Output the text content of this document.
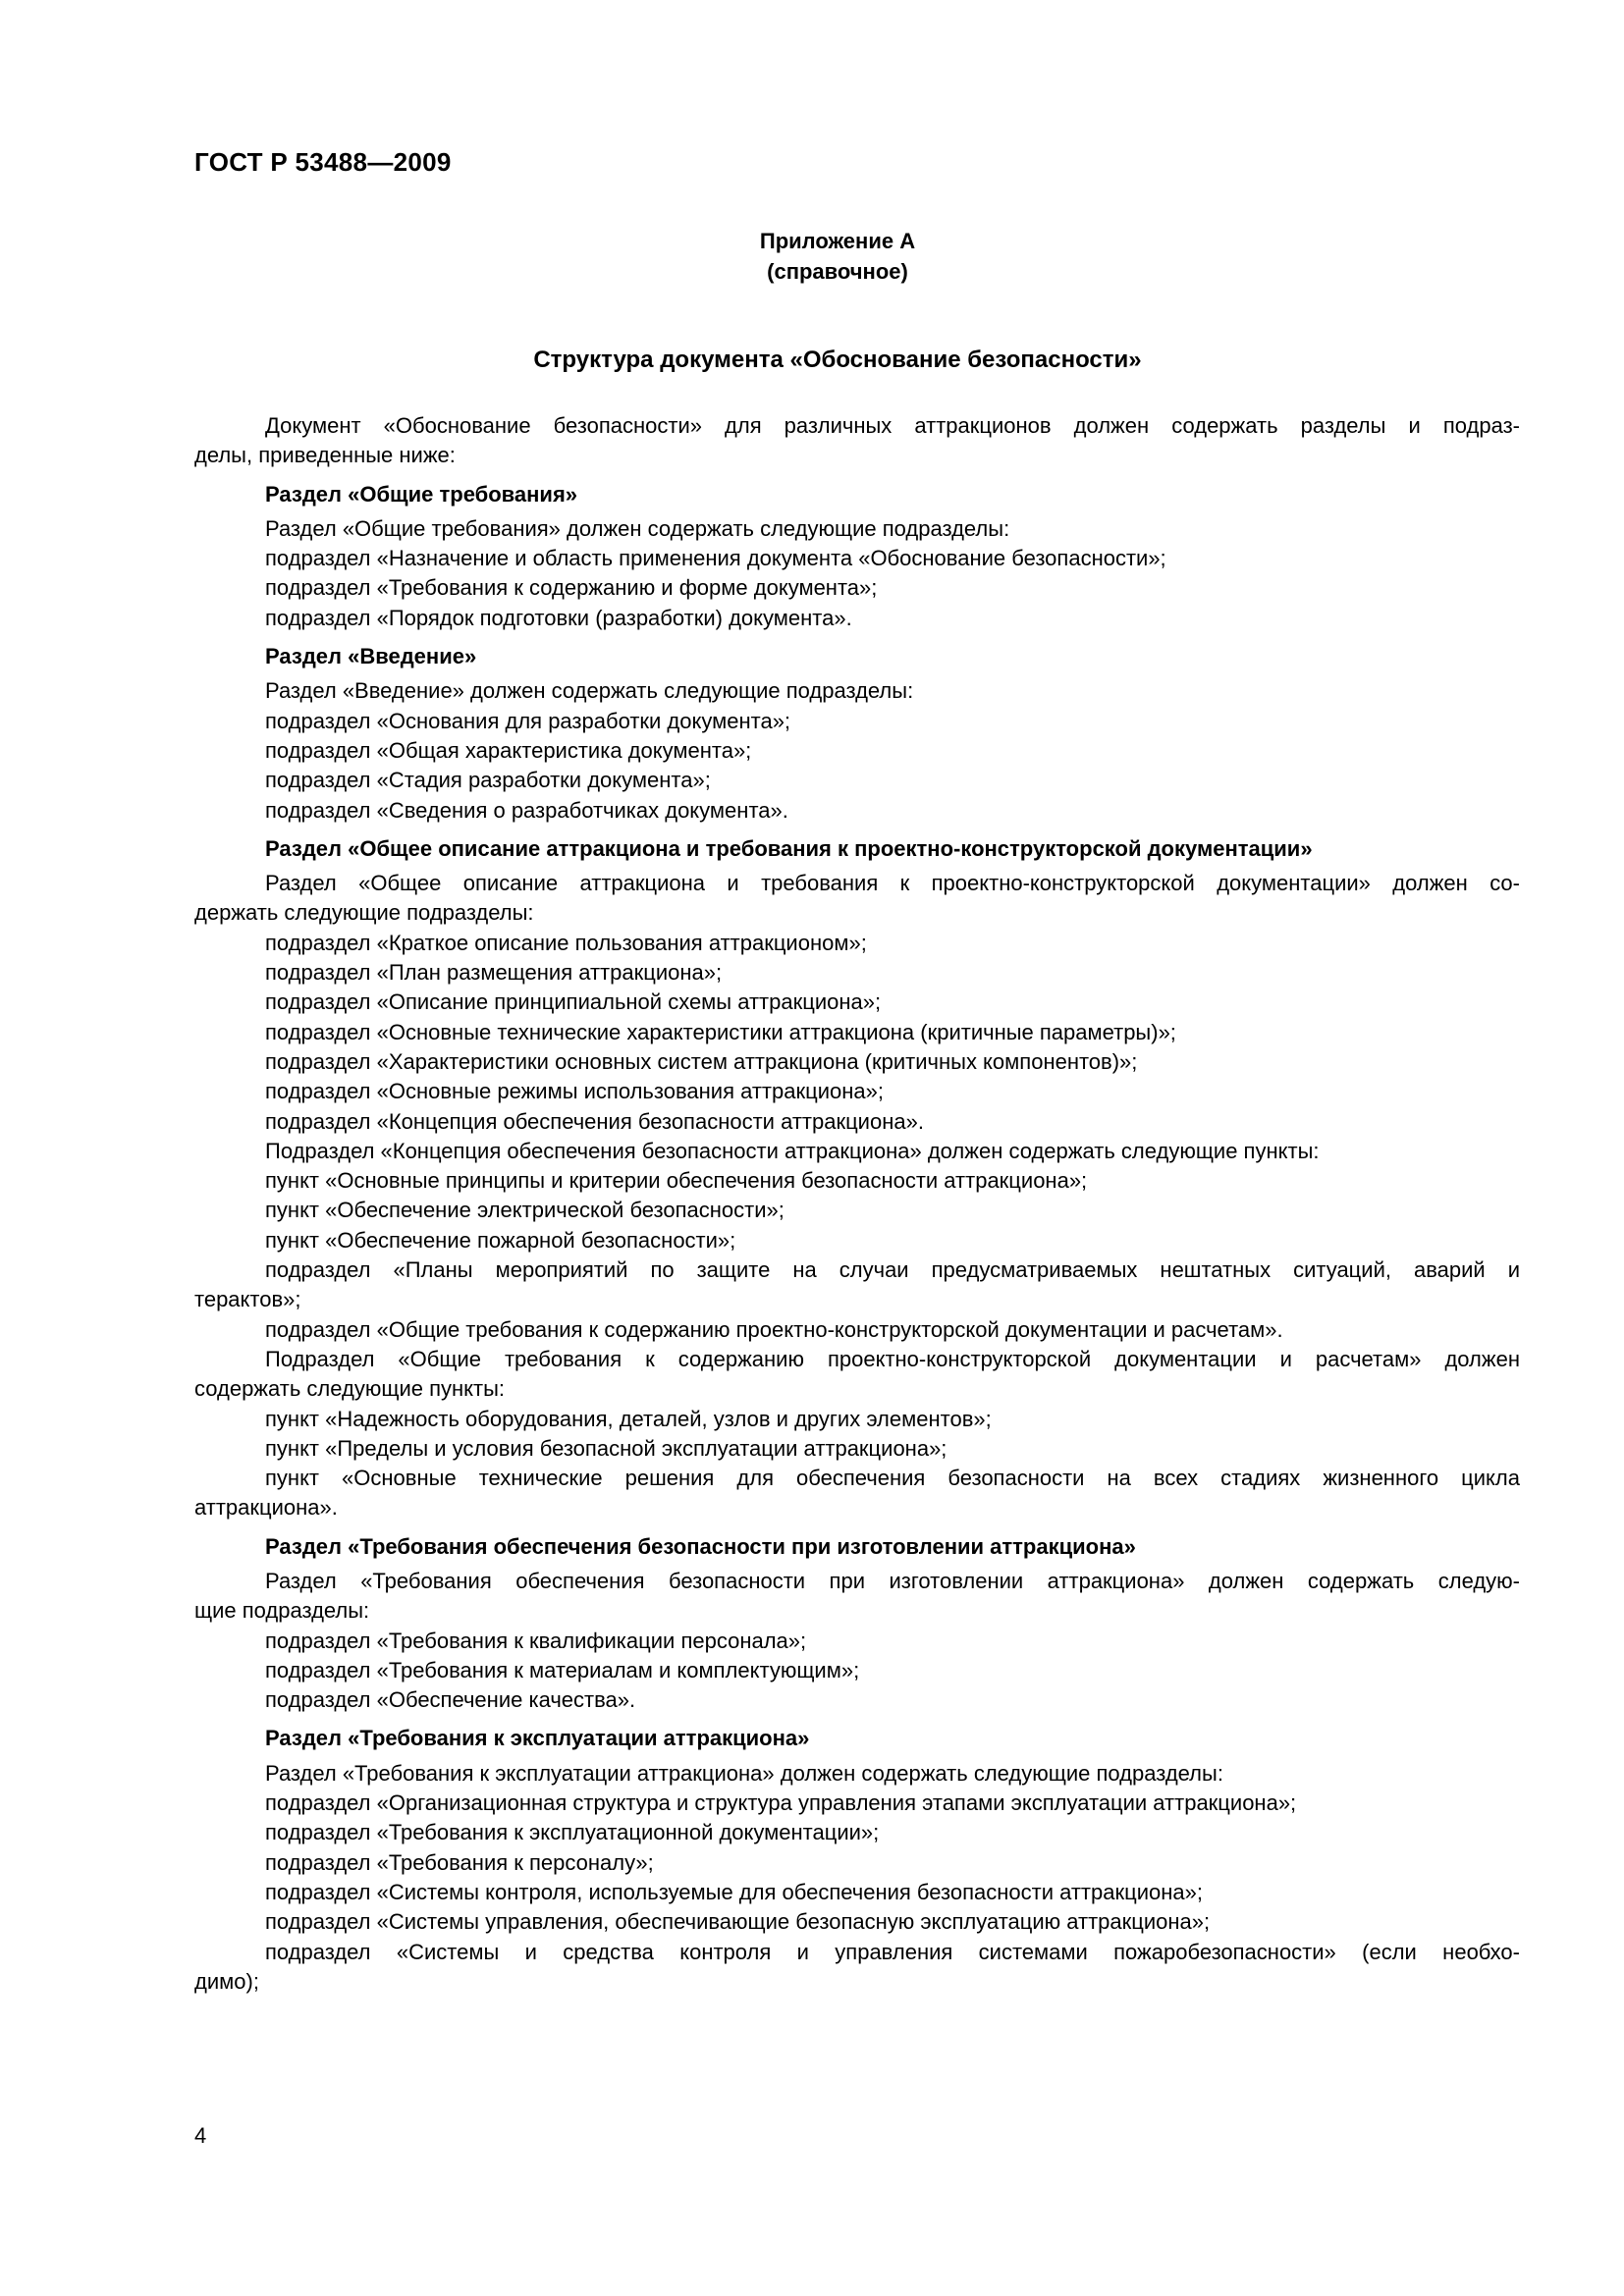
ГОСТ Р 53488—2009
Приложение А
(справочное)
Структура документа «Обоснование безопасности»
Документ «Обоснование безопасности» для различных аттракционов должен содержать разделы и подраз-
делы, приведенные ниже:
Раздел «Общие требования»
Раздел «Общие требования» должен содержать следующие подразделы:
подраздел «Назначение и область применения документа «Обоснование безопасности»;
подраздел «Требования к содержанию и форме документа»;
подраздел «Порядок подготовки (разработки) документа».
Раздел «Введение»
Раздел «Введение» должен содержать следующие подразделы:
подраздел «Основания для разработки документа»;
подраздел «Общая характеристика документа»;
подраздел «Стадия разработки документа»;
подраздел «Сведения о разработчиках документа».
Раздел «Общее описание аттракциона и требования к проектно-конструкторской документации»
Раздел «Общее описание аттракциона и требования к проектно-конструкторской документации» должен со-
держать следующие подразделы:
подраздел «Краткое описание пользования аттракционом»;
подраздел «План размещения аттракциона»;
подраздел «Описание принципиальной схемы аттракциона»;
подраздел «Основные технические характеристики аттракциона (критичные параметры)»;
подраздел «Характеристики основных систем аттракциона (критичных компонентов)»;
подраздел «Основные режимы использования аттракциона»;
подраздел «Концепция обеспечения безопасности аттракциона».
Подраздел «Концепция обеспечения безопасности аттракциона» должен содержать следующие пункты:
пункт «Основные принципы и критерии обеспечения безопасности аттракциона»;
пункт «Обеспечение электрической безопасности»;
пункт «Обеспечение пожарной безопасности»;
подраздел «Планы мероприятий по защите на случаи предусматриваемых нештатных ситуаций, аварий и
терактов»;
подраздел «Общие требования к содержанию проектно-конструкторской документации и расчетам».
Подраздел «Общие требования к содержанию проектно-конструкторской документации и расчетам» должен
содержать следующие пункты:
пункт «Надежность оборудования, деталей, узлов и других элементов»;
пункт «Пределы и условия безопасной эксплуатации аттракциона»;
пункт «Основные технические решения для обеспечения безопасности на всех стадиях жизненного цикла
аттракциона».
Раздел «Требования обеспечения безопасности при изготовлении аттракциона»
Раздел «Требования обеспечения безопасности при изготовлении аттракциона» должен содержать следую-
щие подразделы:
подраздел «Требования к квалификации персонала»;
подраздел «Требования к материалам и комплектующим»;
подраздел «Обеспечение качества».
Раздел «Требования к эксплуатации аттракциона»
Раздел «Требования к эксплуатации аттракциона» должен содержать следующие подразделы:
подраздел «Организационная структура и структура управления этапами эксплуатации аттракциона»;
подраздел «Требования к эксплуатационной документации»;
подраздел «Требования к персоналу»;
подраздел «Системы контроля, используемые для обеспечения безопасности аттракциона»;
подраздел «Системы управления, обеспечивающие безопасную эксплуатацию аттракциона»;
подраздел «Системы и средства контроля и управления системами пожаробезопасности» (если необхо-
димо);
4
